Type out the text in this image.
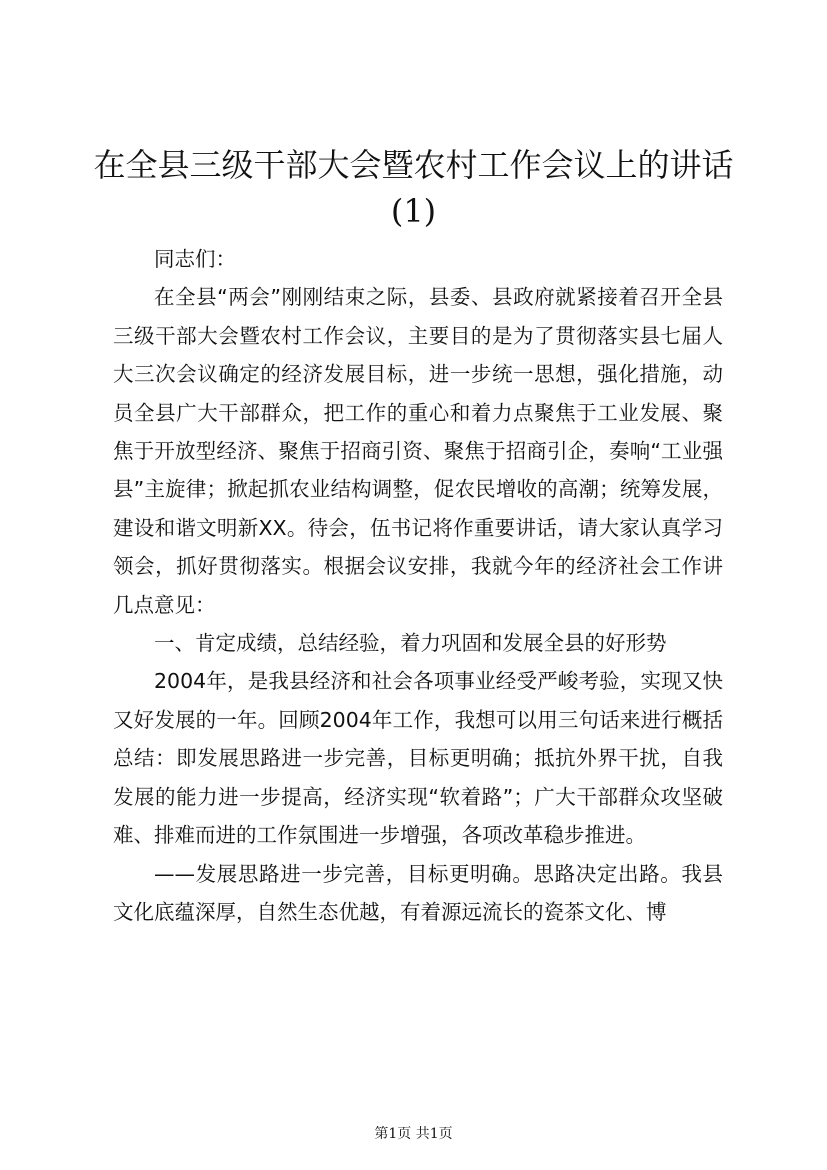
在全县三级干部大会暨农村工作会议上的讲话(1)

同志们：

在全县“两会”刚刚结束之际，县委、县政府就紧接着召开全县三级干部大会暨农村工作会议，主要目的是为了贯彻落实县七届人大三次会议确定的经济发展目标，进一步统一思想，强化措施，动员全县广大干部群众，把工作的重心和着力点聚焦于工业发展、聚焦于开放型经济、聚焦于招商引资、聚焦于招商引企，奏响“工业强县”主旋律；掀起抓农业结构调整，促农民增收的高潮；统筹发展，建设和谐文明新XX。待会，伍书记将作重要讲话，请大家认真学习领会，抓好贯彻落实。根据会议安排，我就今年的经济社会工作讲几点意见：

一、肯定成绩，总结经验，着力巩固和发展全县的好形势

2004年，是我县经济和社会各项事业经受严峻考验，实现又快又好发展的一年。回顾2004年工作，我想可以用三句话来进行概括总结：即发展思路进一步完善，目标更明确；抵抗外界干扰，自我发展的能力进一步提高，经济实现“软着路”；广大干部群众攻坚破难、排难而进的工作氛围进一步增强，各项改革稳步推进。

——发展思路进一步完善，目标更明确。思路决定出路。我县文化底蕴深厚，自然生态优越，有着源远流长的瓷茶文化、博

第1页 共1页
